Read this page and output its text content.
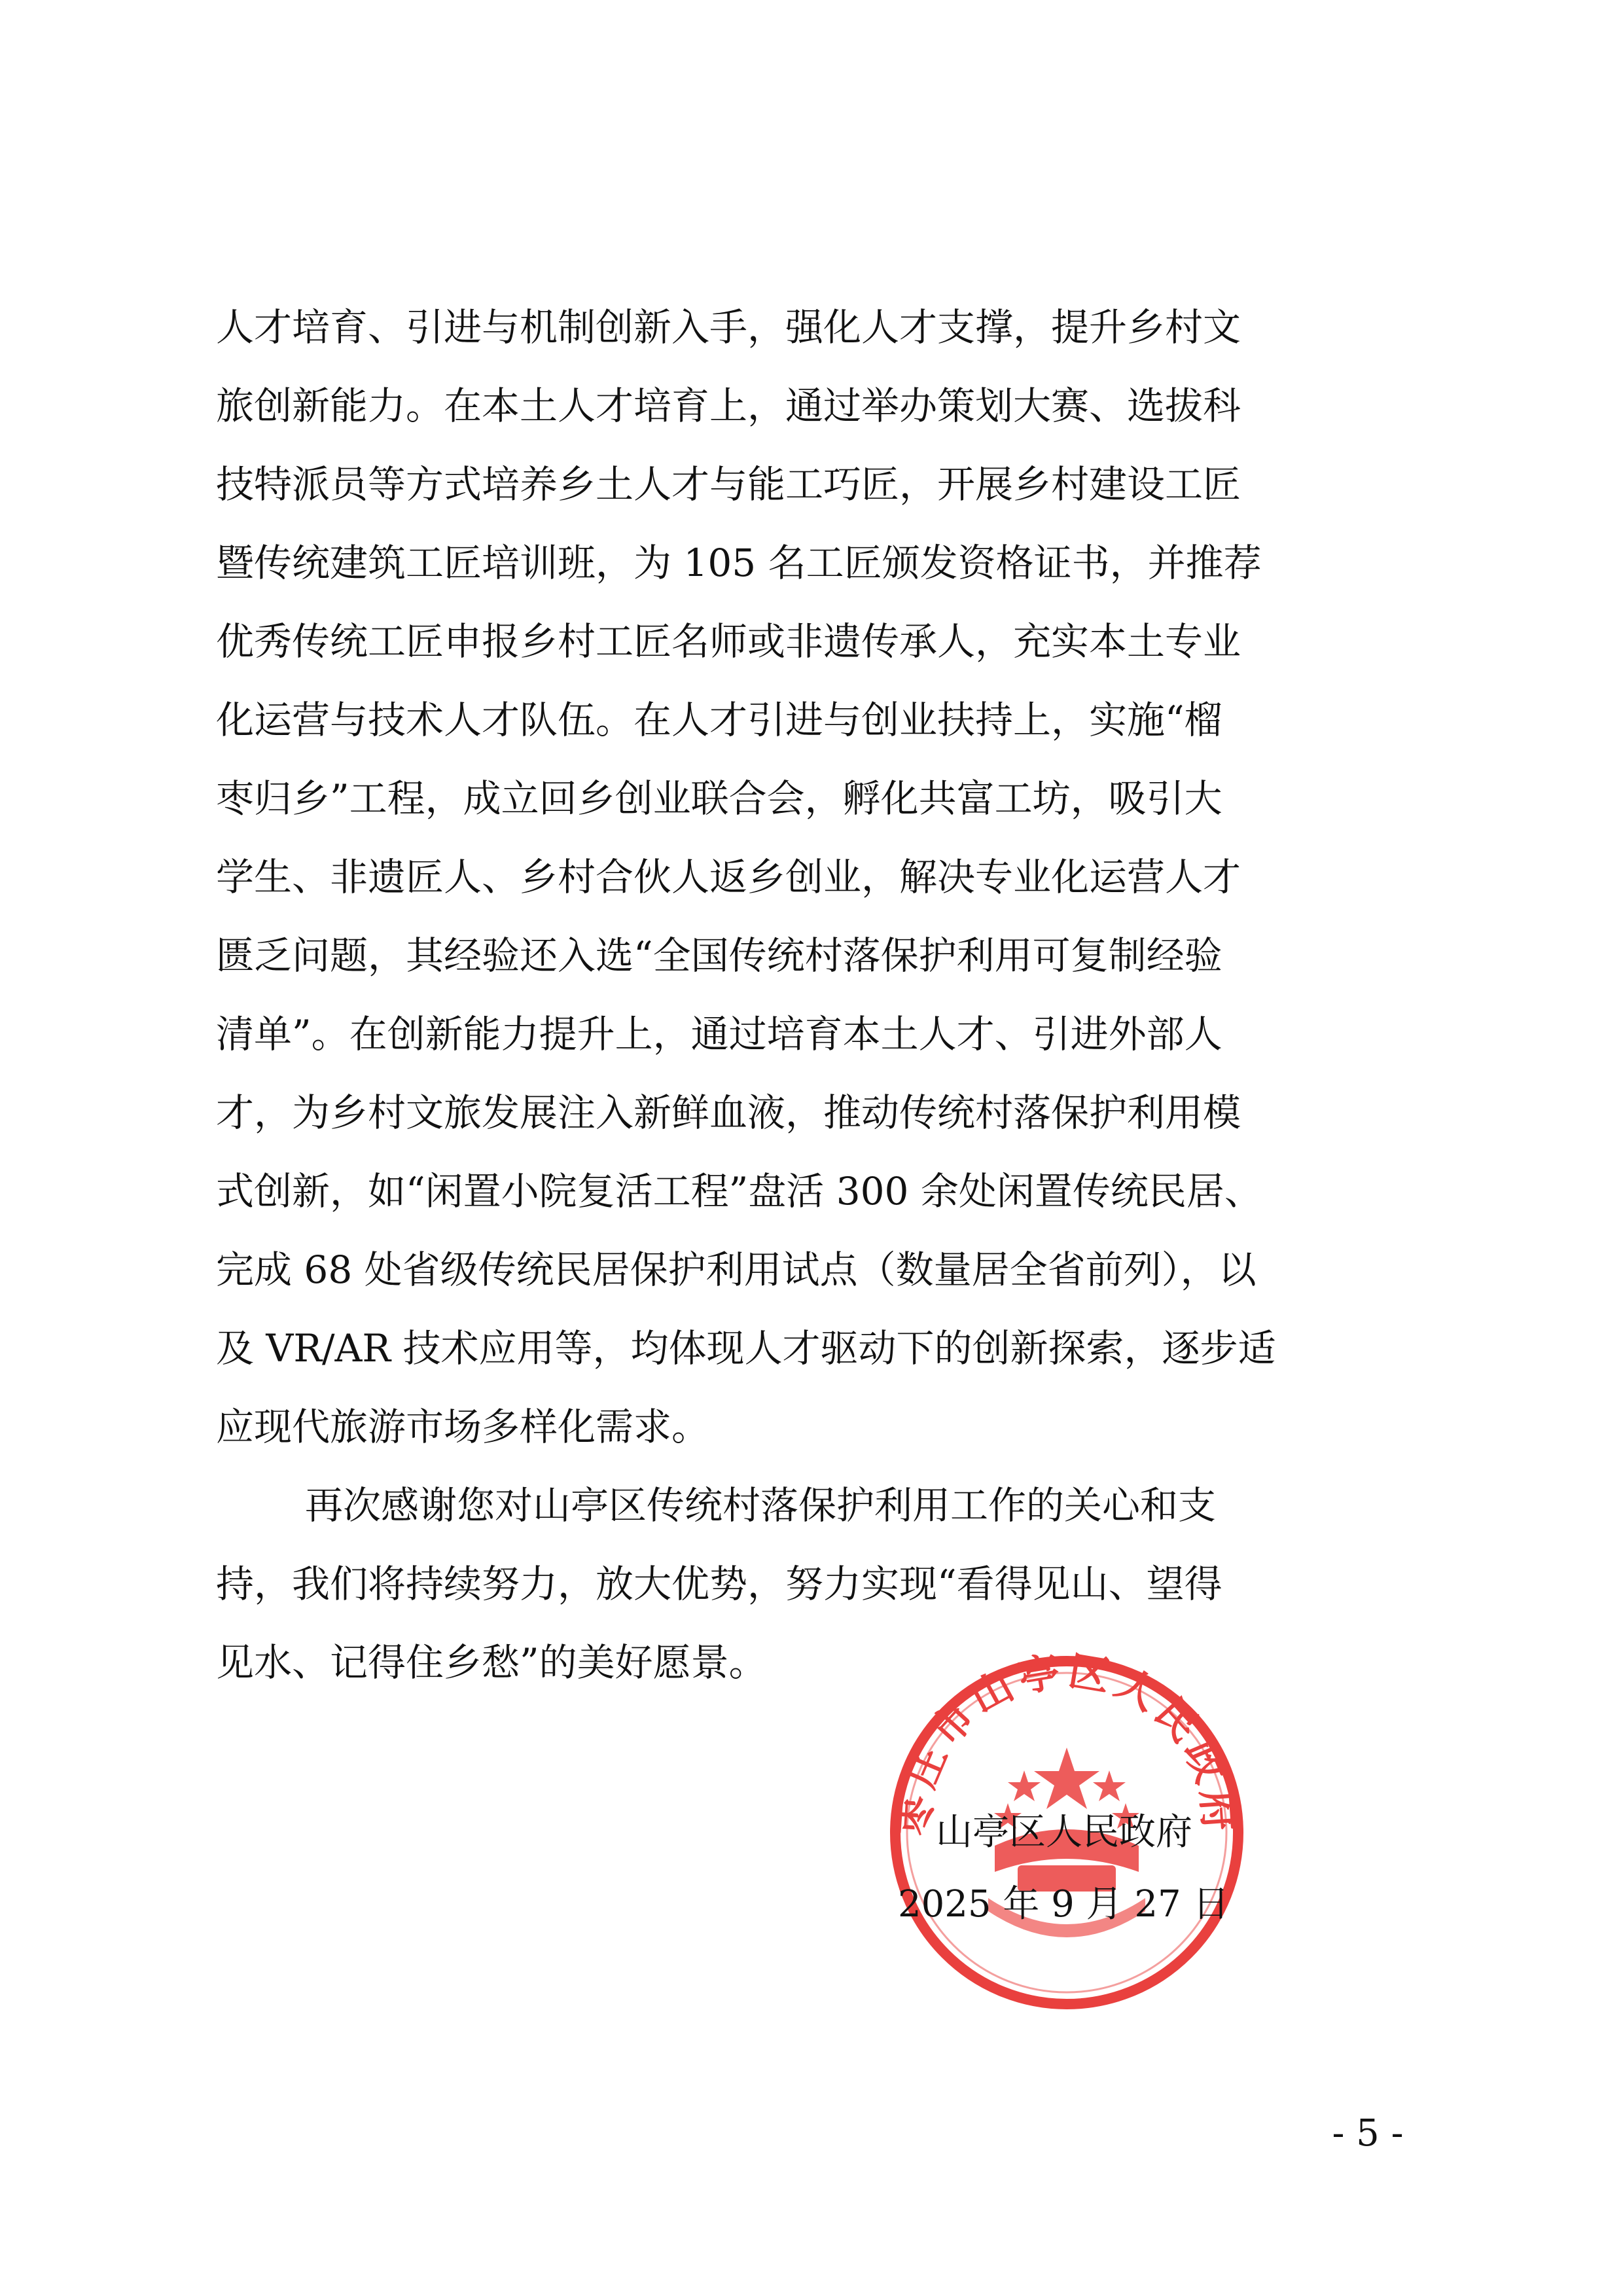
人才培育、引进与机制创新入手，强化人才支撑，提升乡村文
旅创新能力。在本土人才培育上，通过举办策划大赛、选拔科
技特派员等方式培养乡土人才与能工巧匠，开展乡村建设工匠
暨传统建筑工匠培训班，为 105 名工匠颁发资格证书，并推荐
优秀传统工匠申报乡村工匠名师或非遗传承人，充实本土专业
化运营与技术人才队伍。在人才引进与创业扶持上，实施“榴
枣归乡”工程，成立回乡创业联合会，孵化共富工坊，吸引大
学生、非遗匠人、乡村合伙人返乡创业，解决专业化运营人才
匮乏问题，其经验还入选“全国传统村落保护利用可复制经验
清单”。在创新能力提升上，通过培育本土人才、引进外部人
才，为乡村文旅发展注入新鲜血液，推动传统村落保护利用模
式创新，如“闲置小院复活工程”盘活 300 余处闲置传统民居、
完成 68 处省级传统民居保护利用试点（数量居全省前列），以
及 VR/AR 技术应用等，均体现人才驱动下的创新探索，逐步适
应现代旅游市场多样化需求。
再次感谢您对山亭区传统村落保护利用工作的关心和支
持，我们将持续努力，放大优势，努力实现“看得见山、望得
见水、记得住乡愁”的美好愿景。
枣庄市山亭区人民政府
山亭区人民政府
2025 年 9 月 27 日
- 5 -
